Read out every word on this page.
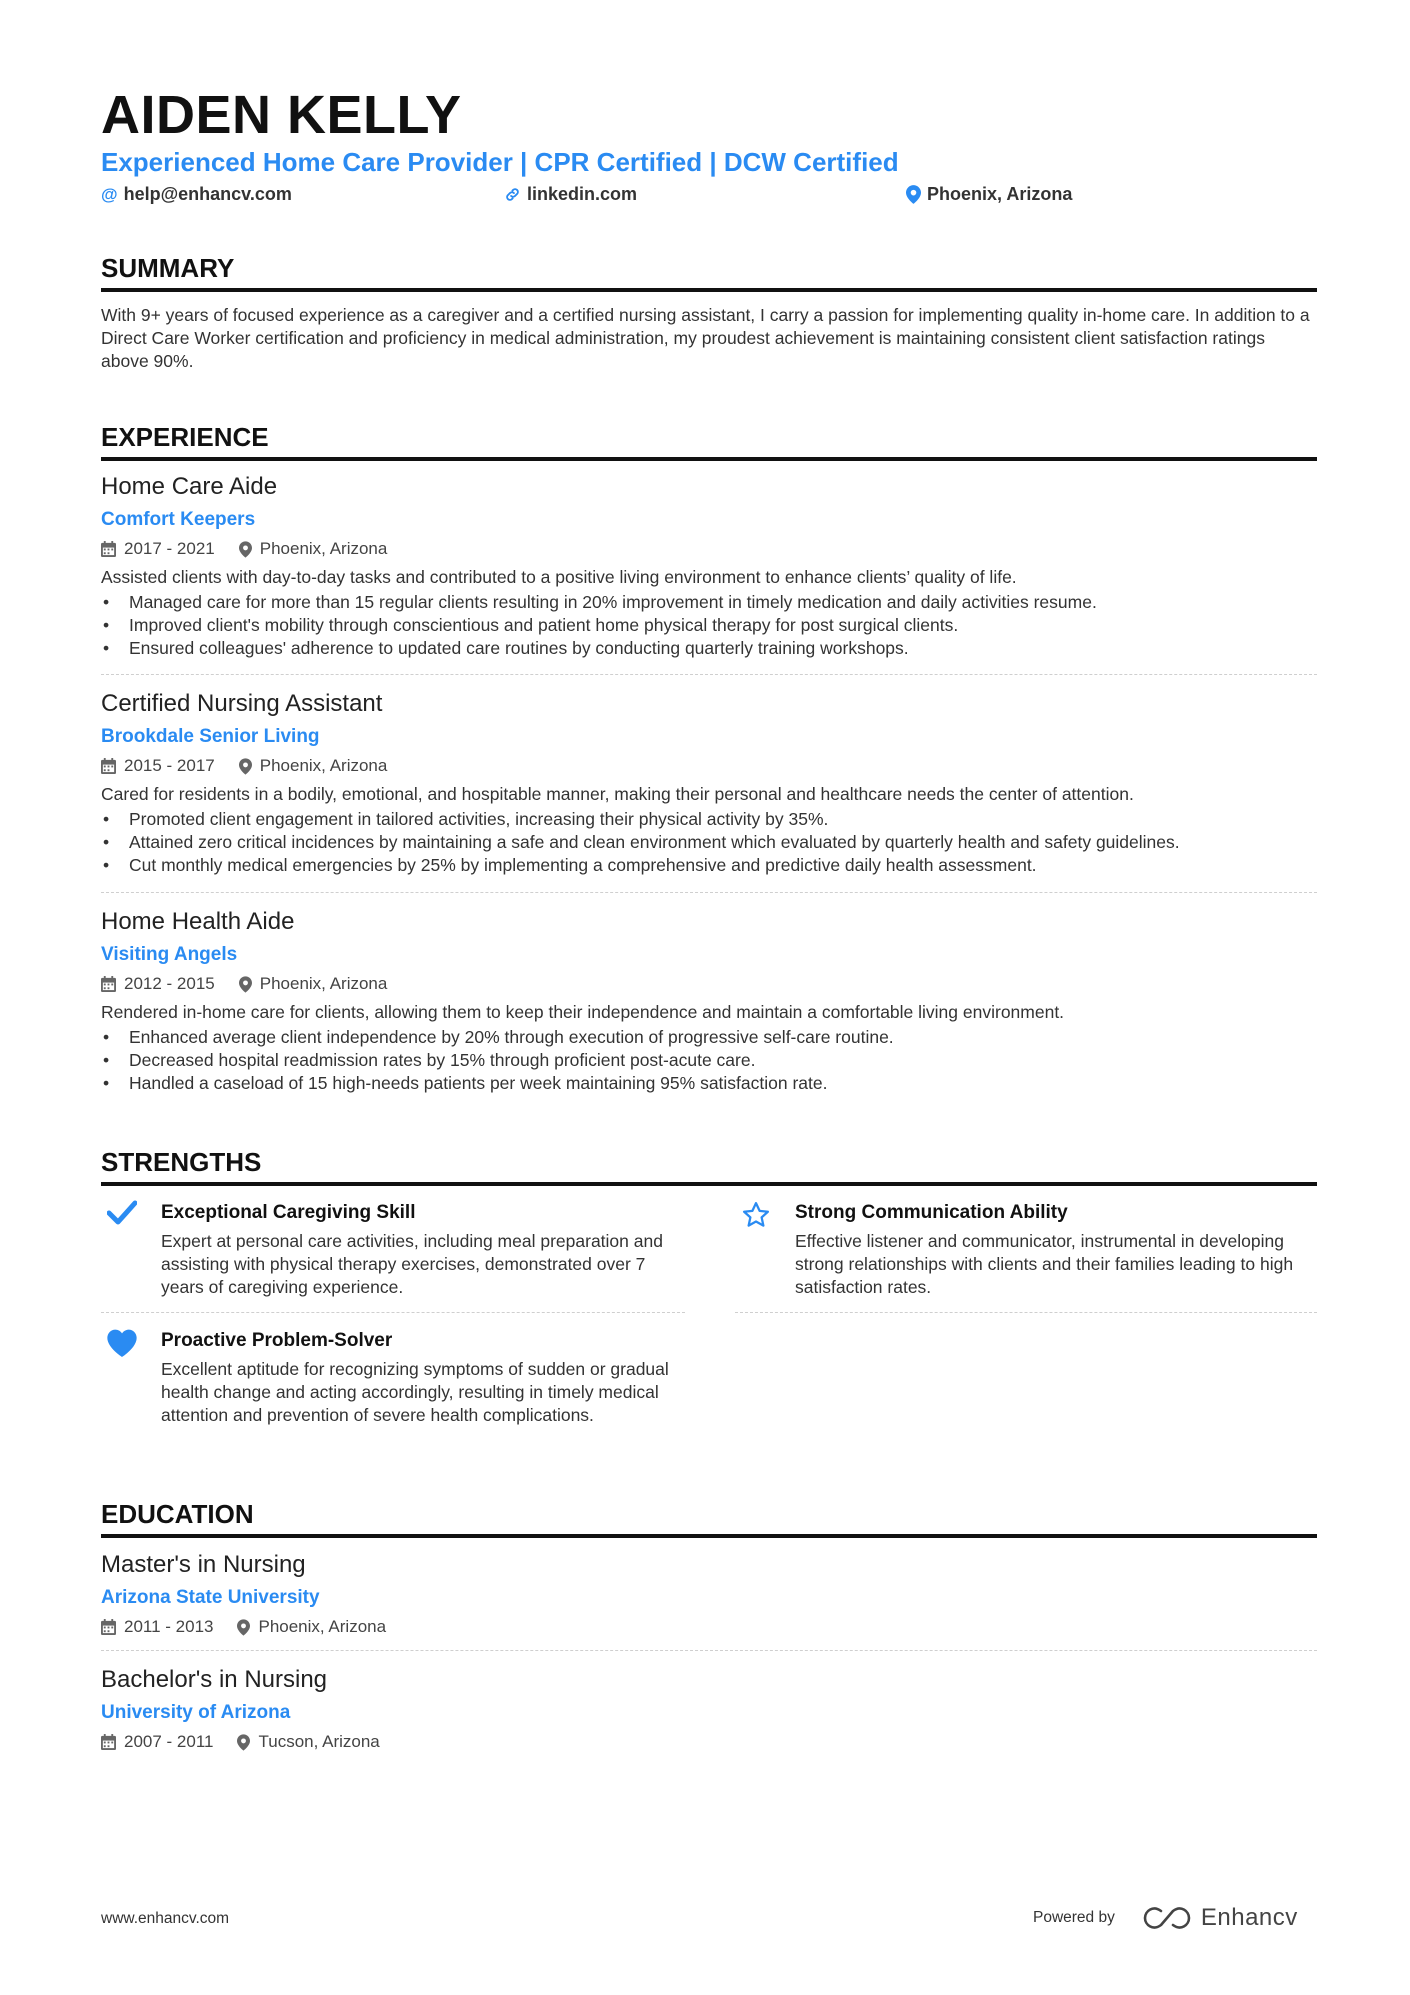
AIDEN KELLY
Experienced Home Care Provider | CPR Certified | DCW Certified
@ help@enhancv.com	linkedin.com	Phoenix, Arizona
SUMMARY
With 9+ years of focused experience as a caregiver and a certified nursing assistant, I carry a passion for implementing quality in-home care. In addition to a Direct Care Worker certification and proficiency in medical administration, my proudest achievement is maintaining consistent client satisfaction ratings above 90%.
EXPERIENCE
Home Care Aide
Comfort Keepers
2017 - 2021	Phoenix, Arizona
Assisted clients with day-to-day tasks and contributed to a positive living environment to enhance clients’ quality of life.
• Managed care for more than 15 regular clients resulting in 20% improvement in timely medication and daily activities resume.
• Improved client's mobility through conscientious and patient home physical therapy for post surgical clients.
• Ensured colleagues' adherence to updated care routines by conducting quarterly training workshops.
Certified Nursing Assistant
Brookdale Senior Living
2015 - 2017	Phoenix, Arizona
Cared for residents in a bodily, emotional, and hospitable manner, making their personal and healthcare needs the center of attention.
• Promoted client engagement in tailored activities, increasing their physical activity by 35%.
• Attained zero critical incidences by maintaining a safe and clean environment which evaluated by quarterly health and safety guidelines.
• Cut monthly medical emergencies by 25% by implementing a comprehensive and predictive daily health assessment.
Home Health Aide
Visiting Angels
2012 - 2015	Phoenix, Arizona
Rendered in-home care for clients, allowing them to keep their independence and maintain a comfortable living environment.
• Enhanced average client independence by 20% through execution of progressive self-care routine.
• Decreased hospital readmission rates by 15% through proficient post-acute care.
• Handled a caseload of 15 high-needs patients per week maintaining 95% satisfaction rate.
STRENGTHS
Exceptional Caregiving Skill
Expert at personal care activities, including meal preparation and assisting with physical therapy exercises, demonstrated over 7 years of caregiving experience.
Strong Communication Ability
Effective listener and communicator, instrumental in developing strong relationships with clients and their families leading to high satisfaction rates.
Proactive Problem-Solver
Excellent aptitude for recognizing symptoms of sudden or gradual health change and acting accordingly, resulting in timely medical attention and prevention of severe health complications.
EDUCATION
Master's in Nursing
Arizona State University
2011 - 2013	Phoenix, Arizona
Bachelor's in Nursing
University of Arizona
2007 - 2011	Tucson, Arizona
www.enhancv.com	Powered by	Enhancv
